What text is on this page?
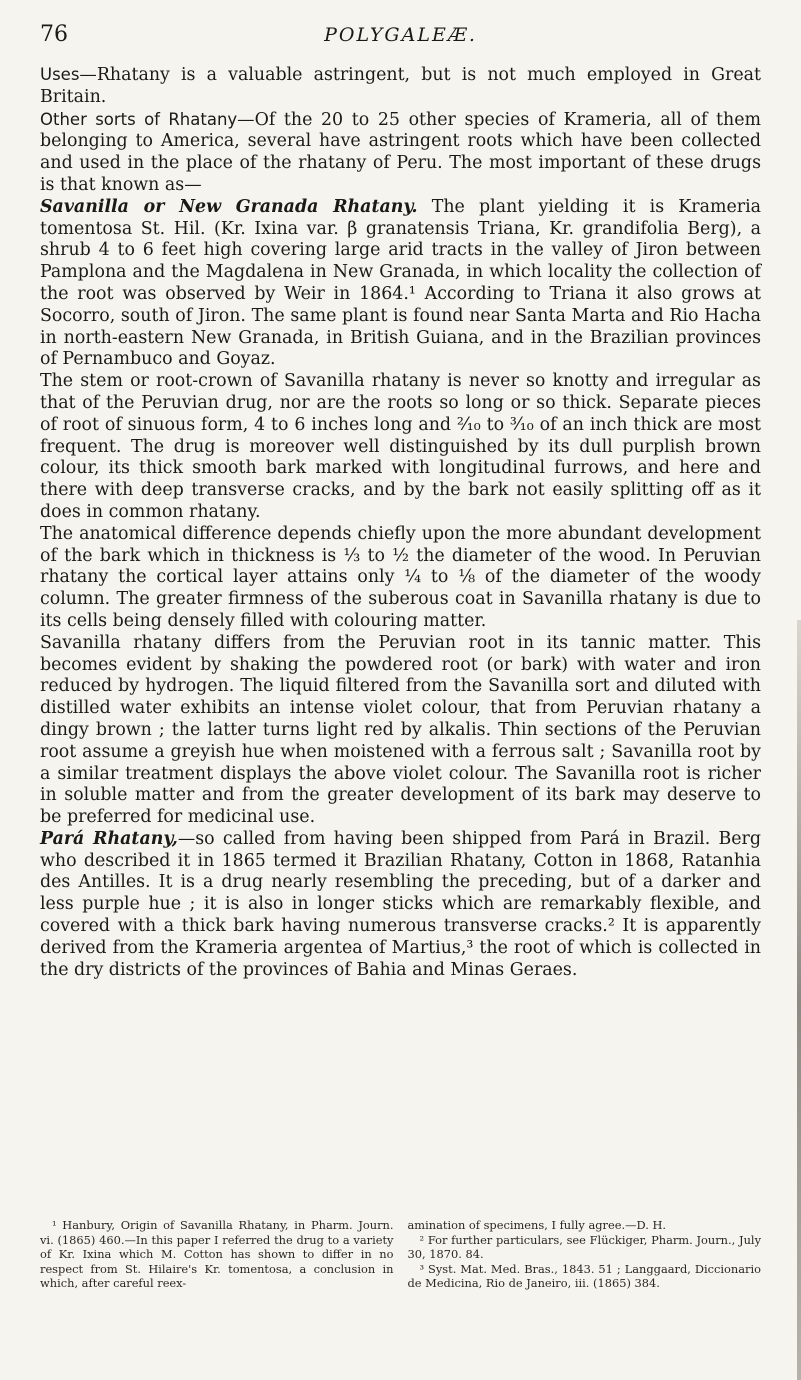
76	POLYGALEÆ.

Uses—Rhatany is a valuable astringent, but is not much employed in Great Britain.

Other sorts of Rhatany—Of the 20 to 25 other species of Krameria, all of them belonging to America, several have astringent roots which have been collected and used in the place of the rhatany of Peru. The most important of these drugs is that known as—

Savanilla or New Granada Rhatany. The plant yielding it is Krameria tomentosa St. Hil. (Kr. Ixina var. β granatensis Triana, Kr. grandifolia Berg), a shrub 4 to 6 feet high covering large arid tracts in the valley of Jiron between Pamplona and the Magdalena in New Granada, in which locality the collection of the root was observed by Weir in 1864.¹ According to Triana it also grows at Socorro, south of Jiron. The same plant is found near Santa Marta and Rio Hacha in north-eastern New Granada, in British Guiana, and in the Brazilian provinces of Pernambuco and Goyaz.

The stem or root-crown of Savanilla rhatany is never so knotty and irregular as that of the Peruvian drug, nor are the roots so long or so thick. Separate pieces of root of sinuous form, 4 to 6 inches long and ²⁄₁₀ to ³⁄₁₀ of an inch thick are most frequent. The drug is moreover well distinguished by its dull purplish brown colour, its thick smooth bark marked with longitudinal furrows, and here and there with deep transverse cracks, and by the bark not easily splitting off as it does in common rhatany.

The anatomical difference depends chiefly upon the more abundant development of the bark which in thickness is ⅓ to ½ the diameter of the wood. In Peruvian rhatany the cortical layer attains only ¼ to ⅛ of the diameter of the woody column. The greater firmness of the suberous coat in Savanilla rhatany is due to its cells being densely filled with colouring matter.

Savanilla rhatany differs from the Peruvian root in its tannic matter. This becomes evident by shaking the powdered root (or bark) with water and iron reduced by hydrogen. The liquid filtered from the Savanilla sort and diluted with distilled water exhibits an intense violet colour, that from Peruvian rhatany a dingy brown ; the latter turns light red by alkalis. Thin sections of the Peruvian root assume a greyish hue when moistened with a ferrous salt ; Savanilla root by a similar treatment displays the above violet colour. The Savanilla root is richer in soluble matter and from the greater development of its bark may deserve to be preferred for medicinal use.

Pará Rhatany,—so called from having been shipped from Pará in Brazil. Berg who described it in 1865 termed it Brazilian Rhatany, Cotton in 1868, Ratanhia des Antilles. It is a drug nearly resembling the preceding, but of a darker and less purple hue ; it is also in longer sticks which are remarkably flexible, and covered with a thick bark having numerous transverse cracks.² It is apparently derived from the Krameria argentea of Martius,³ the root of which is collected in the dry districts of the provinces of Bahia and Minas Geraes.

¹ Hanbury, Origin of Savanilla Rhatany, in Pharm. Journ. vi. (1865) 460.—In this paper I referred the drug to a variety of Kr. Ixina which M. Cotton has shown to differ in no respect from St. Hilaire's Kr. tomentosa, a conclusion in which, after careful reex-

amination of specimens, I fully agree.—D. H.

² For further particulars, see Flückiger, Pharm. Journ., July 30, 1870. 84.

³ Syst. Mat. Med. Bras., 1843. 51 ; Langgaard, Diccionario de Medicina, Rio de Janeiro, iii. (1865) 384.
